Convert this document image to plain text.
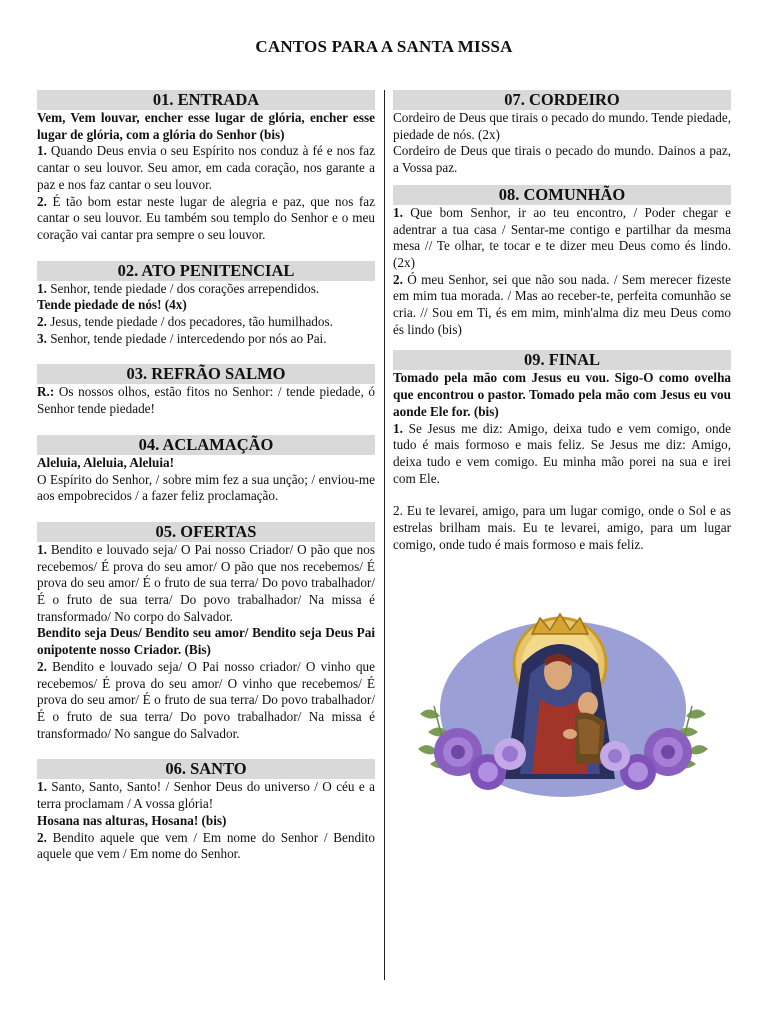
CANTOS PARA A SANTA MISSA
01. ENTRADA

Vem, Vem louvar, encher esse lugar de glória, encher esse lugar de glória, com a glória do Senhor (bis)

1. Quando Deus envia o seu Espírito nos conduz à fé e nos faz cantar o seu louvor. Seu amor, em cada coração, nos garante a paz e nos faz cantar o seu louvor.

2. É tão bom estar neste lugar de alegria e paz, que nos faz cantar o seu louvor. Eu também sou templo do Senhor e o meu coração vai cantar pra sempre o seu louvor.

02. ATO PENITENCIAL

1. Senhor, tende piedade / dos corações arrependidos.

Tende piedade de nós! (4x)

2. Jesus, tende piedade / dos pecadores, tão humilhados.

3. Senhor, tende piedade / intercedendo por nós ao Pai.

03. REFRÃO SALMO

R.: Os nossos olhos, estão fitos no Senhor: / tende piedade, ó Senhor tende piedade!

04. ACLAMAÇÃO

Aleluia, Aleluia, Aleluia!

O Espírito do Senhor, / sobre mim fez a sua unção; / enviou-me aos empobrecidos / a fazer feliz proclamação.

05. OFERTAS

1. Bendito e louvado seja/ O Pai nosso Criador/ O pão que nos recebemos/ É prova do seu amor/ O pão que nos recebemos/ É prova do seu amor/ É o fruto de sua terra/ Do povo trabalhador/ É o fruto de sua terra/ Do povo trabalhador/ Na missa é transformado/ No corpo do Salvador.

Bendito seja Deus/ Bendito seu amor/ Bendito seja Deus Pai onipotente nosso Criador. (Bis)

2. Bendito e louvado seja/ O Pai nosso criador/ O vinho que recebemos/ É prova do seu amor/ O vinho que recebemos/ É prova do seu amor/ É o fruto de sua terra/ Do povo trabalhador/ É o fruto de sua terra/ Do povo trabalhador/ Na missa é transformado/ No sangue do Salvador.

06. SANTO

1. Santo, Santo, Santo! / Senhor Deus do universo / O céu e a terra proclamam / A vossa glória!

Hosana nas alturas, Hosana! (bis)

2. Bendito aquele que vem / Em nome do Senhor / Bendito aquele que vem / Em nome do Senhor.

07. CORDEIRO

Cordeiro de Deus que tirais o pecado do mundo. Tende piedade, piedade de nós. (2x)

Cordeiro de Deus que tirais o pecado do mundo. Dainos a paz, a Vossa paz.

08. COMUNHÃO

1. Que bom Senhor, ir ao teu encontro, / Poder chegar e adentrar a tua casa / Sentar-me contigo e partilhar da mesma mesa // Te olhar, te tocar e te dizer meu Deus como és lindo. (2x)

2. Ó meu Senhor, sei que não sou nada. / Sem merecer fizeste em mim tua morada. / Mas ao receber-te, perfeita comunhão se cria. // Sou em Ti, és em mim, minh'alma diz meu Deus como és lindo (bis)

09. FINAL

Tomado pela mão com Jesus eu vou. Sigo-O como ovelha que encontrou o pastor. Tomado pela mão com Jesus eu vou aonde Ele for. (bis)

1. Se Jesus me diz: Amigo, deixa tudo e vem comigo, onde tudo é mais formoso e mais feliz. Se Jesus me diz: Amigo, deixa tudo e vem comigo. Eu minha mão porei na sua e irei com Ele.

2. Eu te levarei, amigo, para um lugar comigo, onde o Sol e as estrelas brilham mais. Eu te levarei, amigo, para um lugar comigo, onde tudo é mais formoso e mais feliz.
